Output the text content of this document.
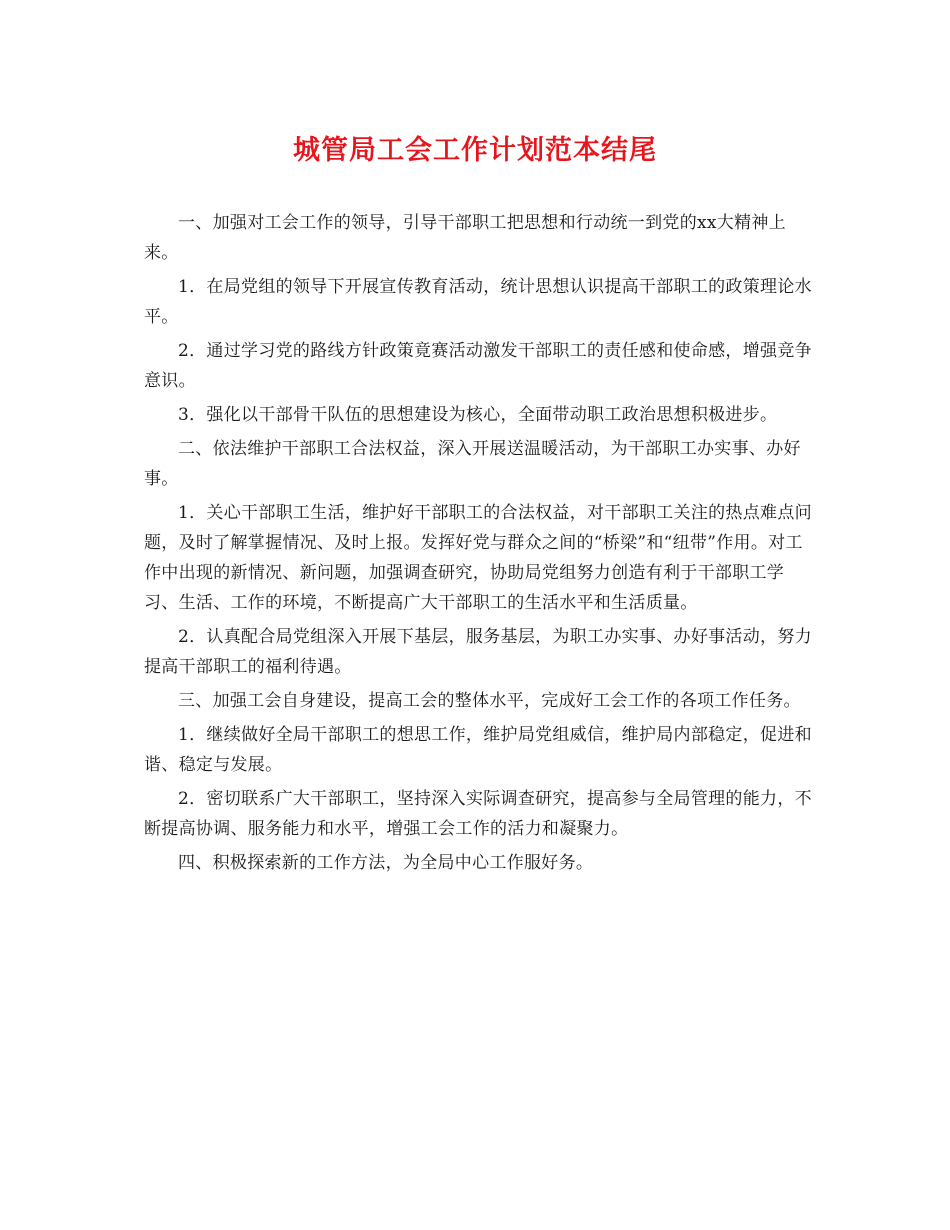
城管局工会工作计划范本结尾

一、加强对工会工作的领导，引导干部职工把思想和行动统一到党的xx大精神上来。

1．在局党组的领导下开展宣传教育活动，统计思想认识提高干部职工的政策理论水平。

2．通过学习党的路线方针政策竟赛活动激发干部职工的责任感和使命感，增强竞争意识。

3．强化以干部骨干队伍的思想建设为核心，全面带动职工政治思想积极进步。

二、依法维护干部职工合法权益，深入开展送温暖活动，为干部职工办实事、办好事。

1．关心干部职工生活，维护好干部职工的合法权益，对干部职工关注的热点难点问题，及时了解掌握情况、及时上报。发挥好党与群众之间的“桥梁”和“纽带”作用。对工作中出现的新情况、新问题，加强调查研究，协助局党组努力创造有利于干部职工学习、生活、工作的环境，不断提高广大干部职工的生活水平和生活质量。

2．认真配合局党组深入开展下基层，服务基层，为职工办实事、办好事活动，努力提高干部职工的福利待遇。

三、加强工会自身建设，提高工会的整体水平，完成好工会工作的各项工作任务。

1．继续做好全局干部职工的想思工作，维护局党组威信，维护局内部稳定，促进和谐、稳定与发展。

2．密切联系广大干部职工，坚持深入实际调查研究，提高参与全局管理的能力，不断提高协调、服务能力和水平，增强工会工作的活力和凝聚力。

四、积极探索新的工作方法，为全局中心工作服好务。
